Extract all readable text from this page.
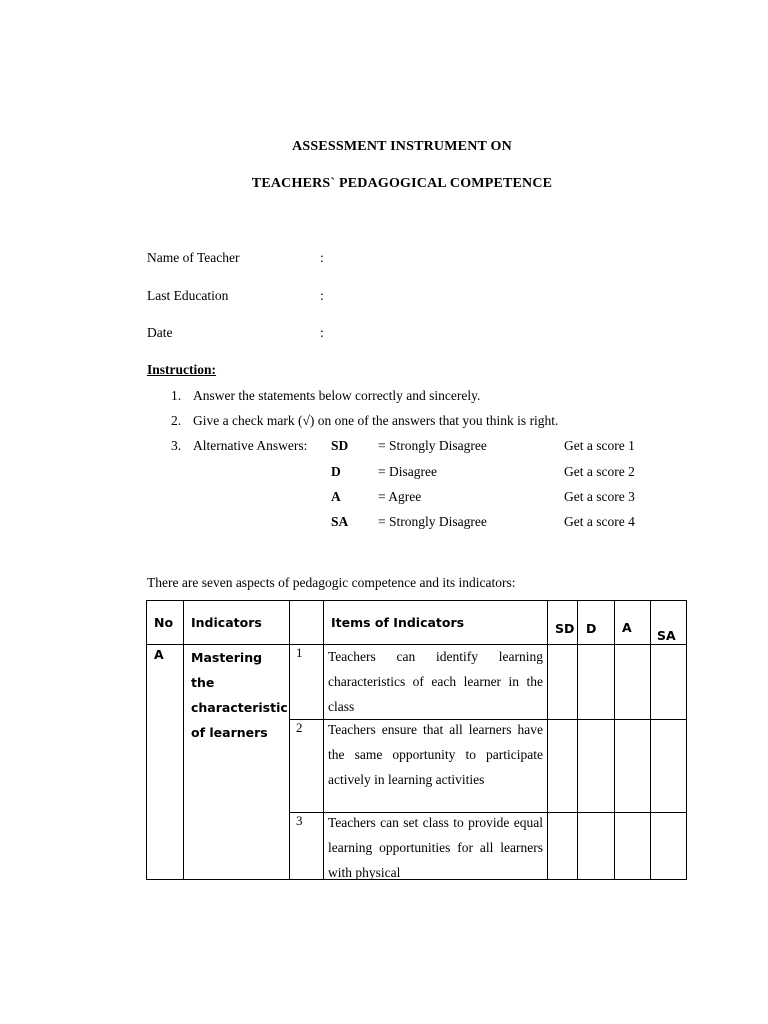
ASSESSMENT INSTRUMENT ON
TEACHERS` PEDAGOGICAL COMPETENCE
Name of Teacher	:
Last Education	:
Date	:
Instruction:
1. Answer the statements below correctly and sincerely.
2. Give a check mark (√) on one of the answers that you think is right.
3. Alternative Answers: SD = Strongly Disagree	Get a score 1
D	= Disagree	Get a score 2
A	= Agree	Get a score 3
SA = Strongly Disagree	Get a score 4
There are seven aspects of pedagogic competence and its indicators:
No	Indicators		Items of Indicators	SD	D	A	SA

A	Mastering
the
characteristic
of learners	1	Teachers can identify learning characteristics of each learner in the class				

		2	Teachers ensure that all learners have the same opportunity to participate actively in learning activities				

		3	Teachers can set class to provide equal learning opportunities for all learners with physical				
